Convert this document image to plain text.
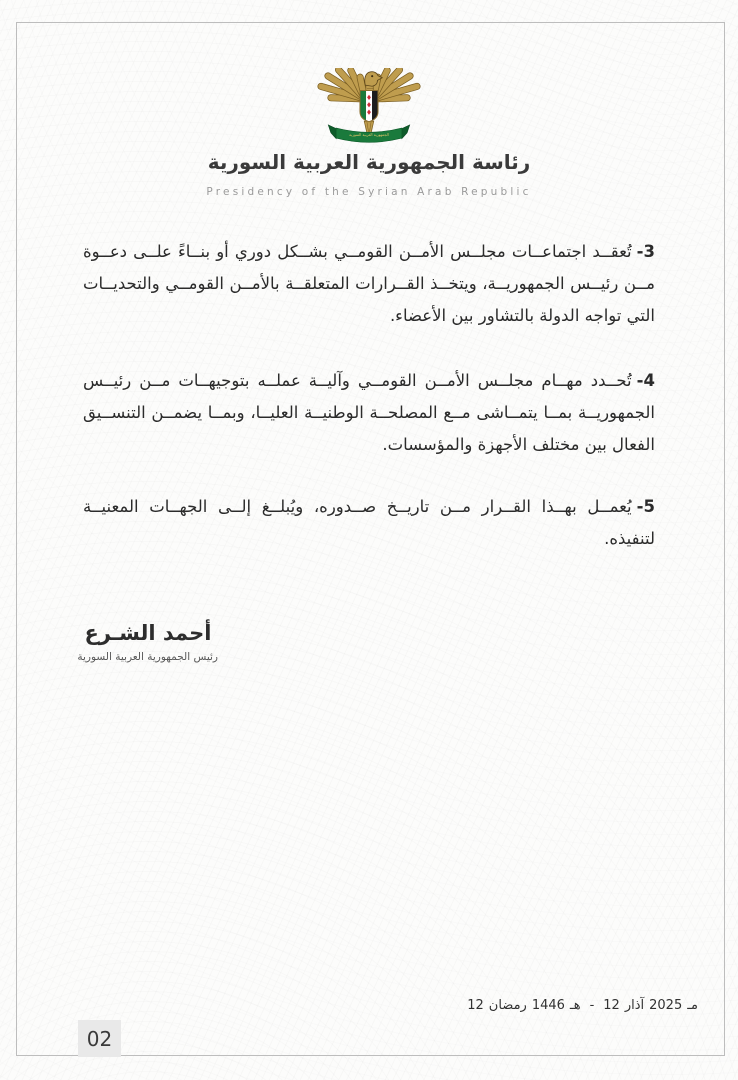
الجمهورية العربية السورية
رئاسة الجمهورية العربية السورية
Presidency of the Syrian Arab Republic

3-تُعقــد اجتماعــات مجلــس الأمــن القومــي بشــكل دوري أو بنــاءً علــى دعــوة مــن رئيــس الجمهوريــة، ويتخــذ القــرارات المتعلقــة بالأمــن القومــي والتحديــات التي تواجه الدولة بالتشاور بين الأعضاء.

4-تُحــدد مهــام مجلــس الأمــن القومــي وآليــة عملــه بتوجيهــات مــن رئيــس الجمهوريــة بمــا يتمــاشى مــع المصلحــة الوطنيــة العليــا، وبمــا يضمــن التنســيق الفعال بين مختلف الأجهزة والمؤسسات.

5-يُعمــل بهــذا القــرار مــن تاريــخ صــدوره، ويُبلــغ إلــى الجهــات المعنيــة لتنفيذه.

أحمد الشـرع
رئيس الجمهورية العربية السورية
12 رمضان 1446 هـ - 12 آذار 2025 مـ
02
